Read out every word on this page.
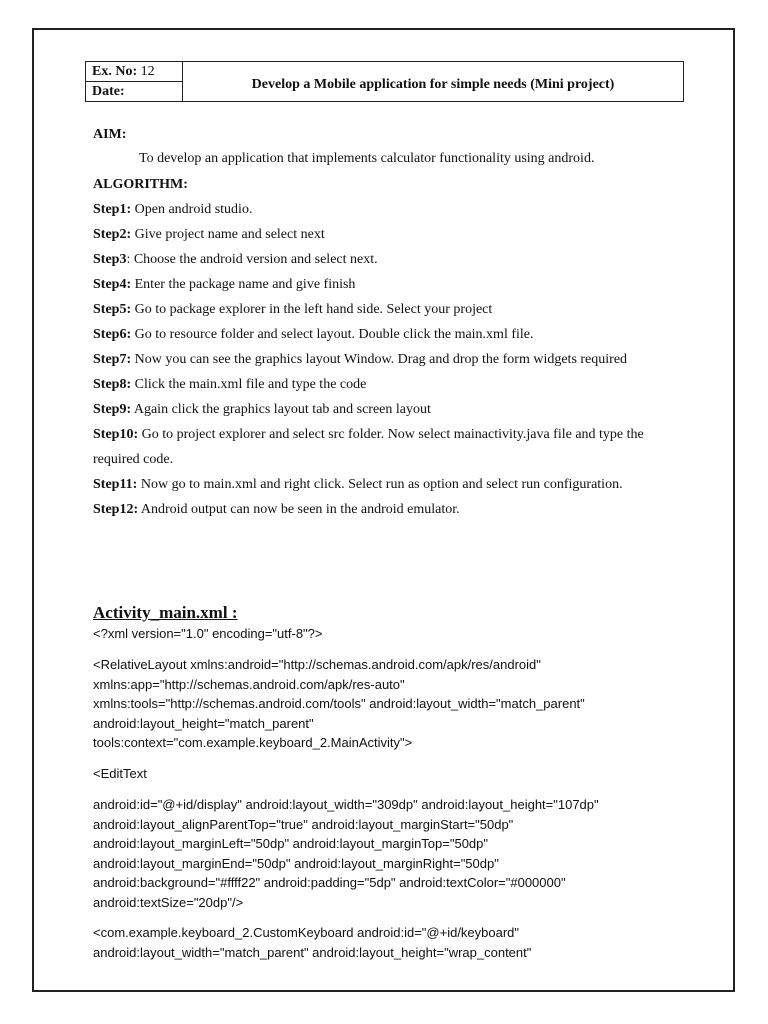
Ex. No: 12
Date:	Develop a Mobile application for simple needs (Mini project)
AIM:
To develop an application that implements calculator functionality using android.
ALGORITHM:

Step1: Open android studio.

Step2: Give project name and select next

Step3: Choose the android version and select next.

Step4: Enter the package name and give finish

Step5: Go to package explorer in the left hand side. Select your project

Step6: Go to resource folder and select layout. Double click the main.xml file.

Step7: Now you can see the graphics layout Window. Drag and drop the form widgets required

Step8: Click the main.xml file and type the code

Step9: Again click the graphics layout tab and screen layout

Step10: Go to project explorer and select src folder. Now select mainactivity.java file and type the required code.

Step11: Now go to main.xml and right click. Select run as option and select run configuration.

Step12: Android output can now be seen in the android emulator.

Activity_main.xml :
<?xml version="1.0" encoding="utf-8"?>
<RelativeLayout xmlns:android="http://schemas.android.com/apk/res/android"
xmlns:app="http://schemas.android.com/apk/res-auto"
xmlns:tools="http://schemas.android.com/tools" android:layout_width="match_parent"
android:layout_height="match_parent"
tools:context="com.example.keyboard_2.MainActivity">
<EditText
android:id="@+id/display" android:layout_width="309dp" android:layout_height="107dp"
android:layout_alignParentTop="true" android:layout_marginStart="50dp"
android:layout_marginLeft="50dp" android:layout_marginTop="50dp"
android:layout_marginEnd="50dp" android:layout_marginRight="50dp"
android:background="#ffff22" android:padding="5dp" android:textColor="#000000"
android:textSize="20dp"/>
<com.example.keyboard_2.CustomKeyboard android:id="@+id/keyboard"
android:layout_width="match_parent" android:layout_height="wrap_content"
